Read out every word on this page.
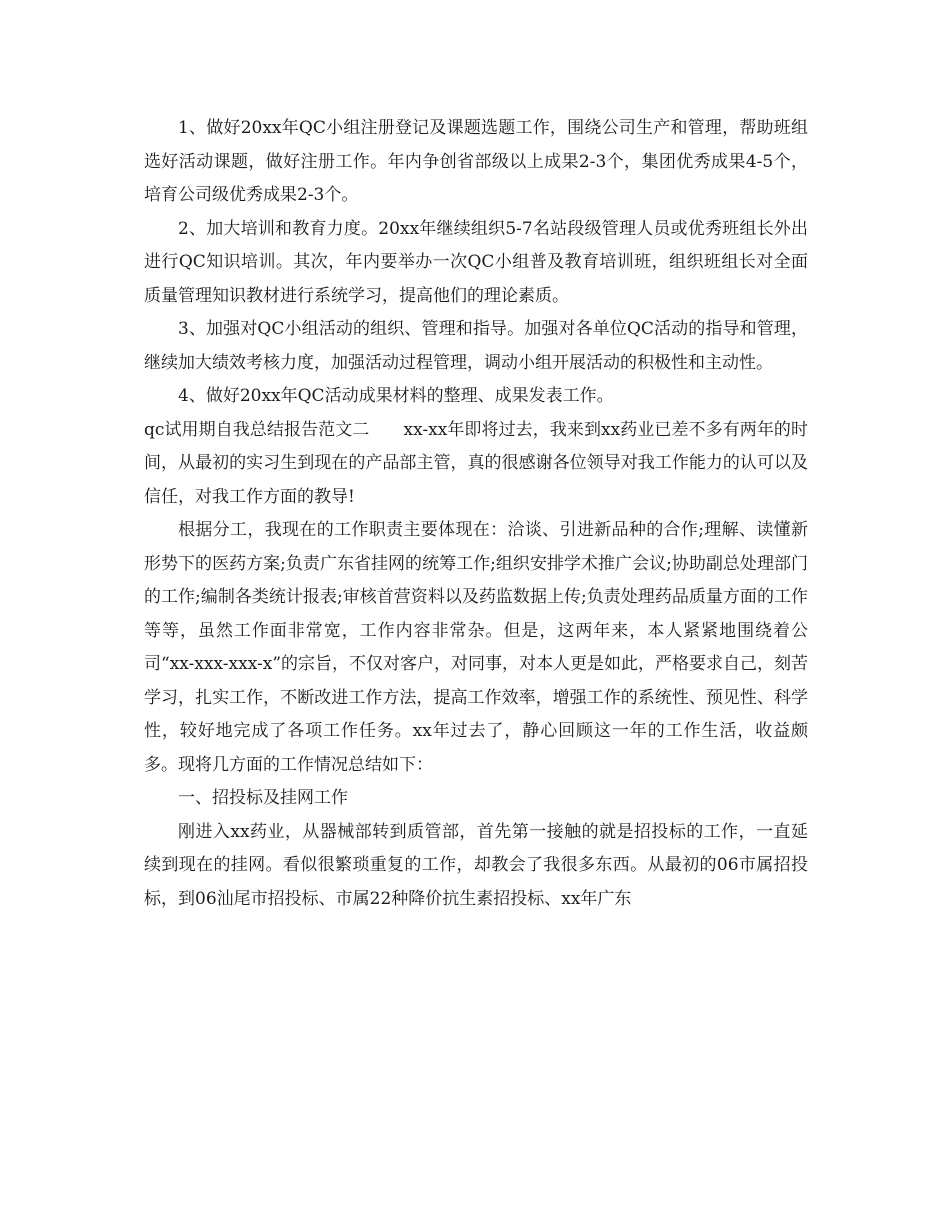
1、做好20xx年QC小组注册登记及课题选题工作，围绕公司生产和管理，帮助班组选好活动课题，做好注册工作。年内争创省部级以上成果2-3个，集团优秀成果4-5个，培育公司级优秀成果2-3个。

2、加大培训和教育力度。20xx年继续组织5-7名站段级管理人员或优秀班组长外出进行QC知识培训。其次，年内要举办一次QC小组普及教育培训班，组织班组长对全面质量管理知识教材进行系统学习，提高他们的理论素质。

3、加强对QC小组活动的组织、管理和指导。加强对各单位QC活动的指导和管理，继续加大绩效考核力度，加强活动过程管理，调动小组开展活动的积极性和主动性。

4、做好20xx年QC活动成果材料的整理、成果发表工作。

qc试用期自我总结报告范文二　　xx-xx年即将过去，我来到xx药业已差不多有两年的时间，从最初的实习生到现在的产品部主管，真的很感谢各位领导对我工作能力的认可以及信任，对我工作方面的教导!

根据分工，我现在的工作职责主要体现在：洽谈、引进新品种的合作;理解、读懂新形势下的医药方案;负责广东省挂网的统筹工作;组织安排学术推广会议;协助副总处理部门的工作;编制各类统计报表;审核首营资料以及药监数据上传;负责处理药品质量方面的工作等等，虽然工作面非常宽，工作内容非常杂。但是，这两年来，本人紧紧地围绕着公司“xx-xxx-xxx-x”的宗旨，不仅对客户，对同事，对本人更是如此，严格要求自己，刻苦学习，扎实工作，不断改进工作方法，提高工作效率，增强工作的系统性、预见性、科学性，较好地完成了各项工作任务。xx年过去了，静心回顾这一年的工作生活，收益颇多。现将几方面的工作情况总结如下：

一、招投标及挂网工作

刚进入xx药业，从器械部转到质管部，首先第一接触的就是招投标的工作，一直延续到现在的挂网。看似很繁琐重复的工作，却教会了我很多东西。从最初的06市属招投标，到06汕尾市招投标、市属22种降价抗生素招投标、xx年广东
